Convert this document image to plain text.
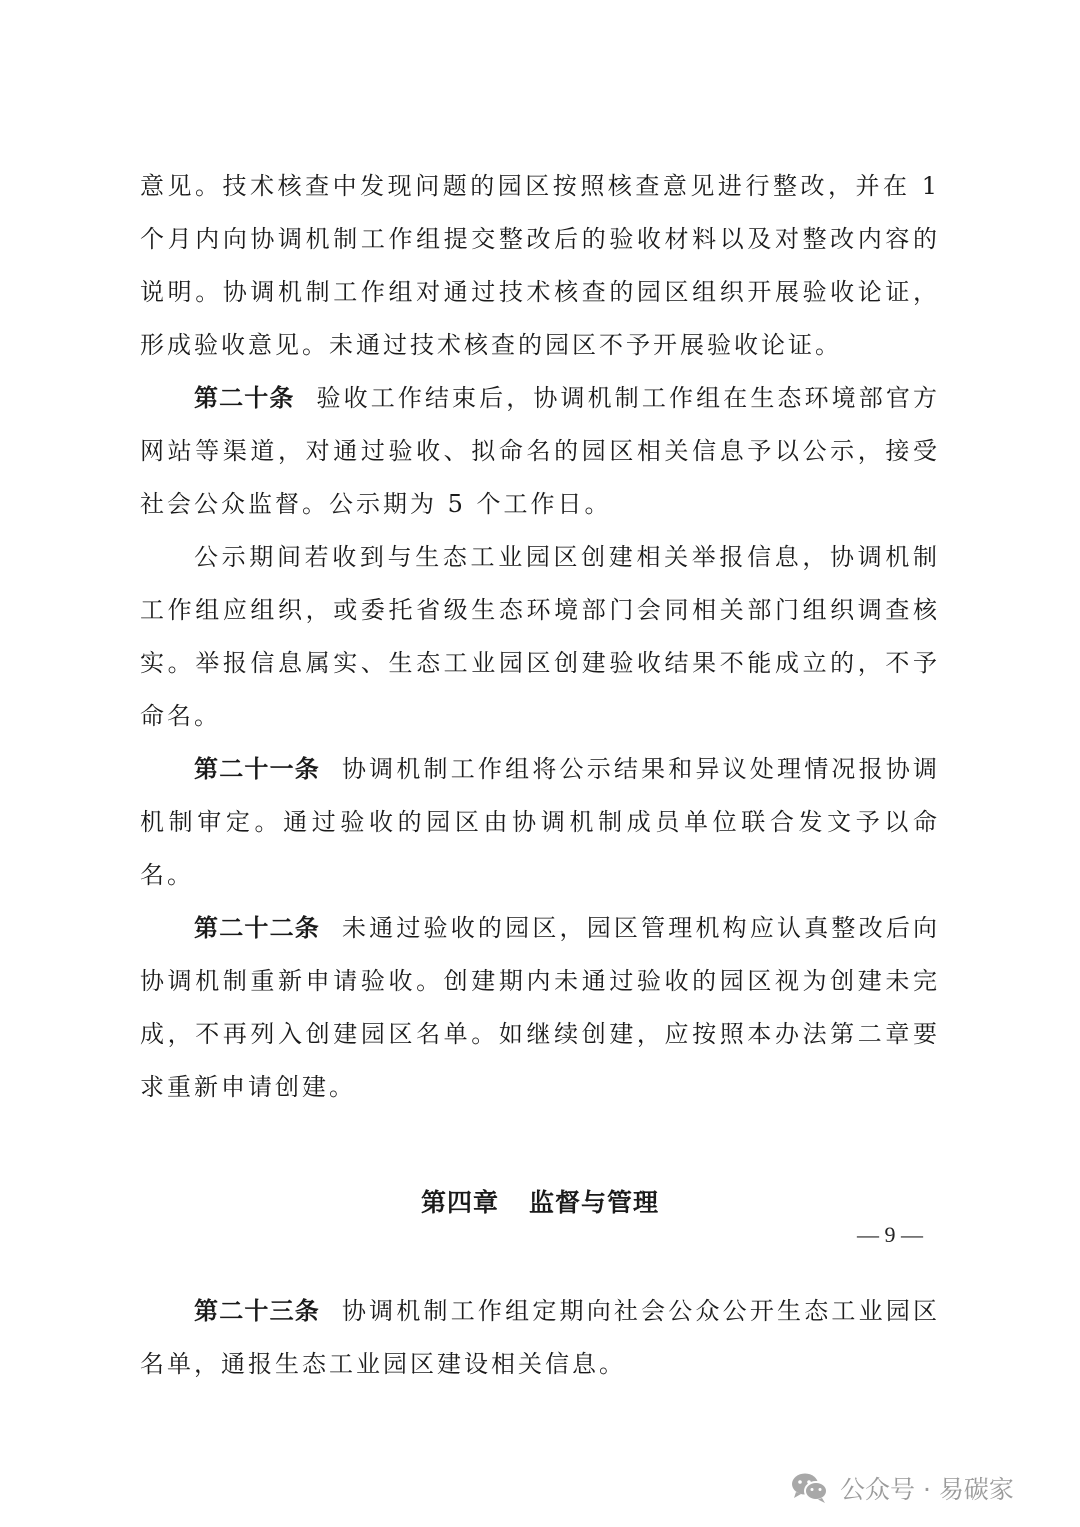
意见。技术核查中发现问题的园区按照核查意见进行整改，并在 1 个月内向协调机制工作组提交整改后的验收材料以及对整改内容的说明。协调机制工作组对通过技术核查的园区组织开展验收论证，形成验收意见。未通过技术核查的园区不予开展验收论证。

第二十条 验收工作结束后，协调机制工作组在生态环境部官方网站等渠道，对通过验收、拟命名的园区相关信息予以公示，接受社会公众监督。公示期为 5 个工作日。

公示期间若收到与生态工业园区创建相关举报信息，协调机制工作组应组织，或委托省级生态环境部门会同相关部门组织调查核实。举报信息属实、生态工业园区创建验收结果不能成立的，不予命名。

第二十一条 协调机制工作组将公示结果和异议处理情况报协调机制审定。通过验收的园区由协调机制成员单位联合发文予以命名。

第二十二条 未通过验收的园区，园区管理机构应认真整改后向协调机制重新申请验收。创建期内未通过验收的园区视为创建未完成，不再列入创建园区名单。如继续创建，应按照本办法第二章要求重新申请创建。

第四章 监督与管理

第二十三条 协调机制工作组定期向社会公众公开生态工业园区名单，通报生态工业园区建设相关信息。

— 9 —
公众号 · 易碳家
